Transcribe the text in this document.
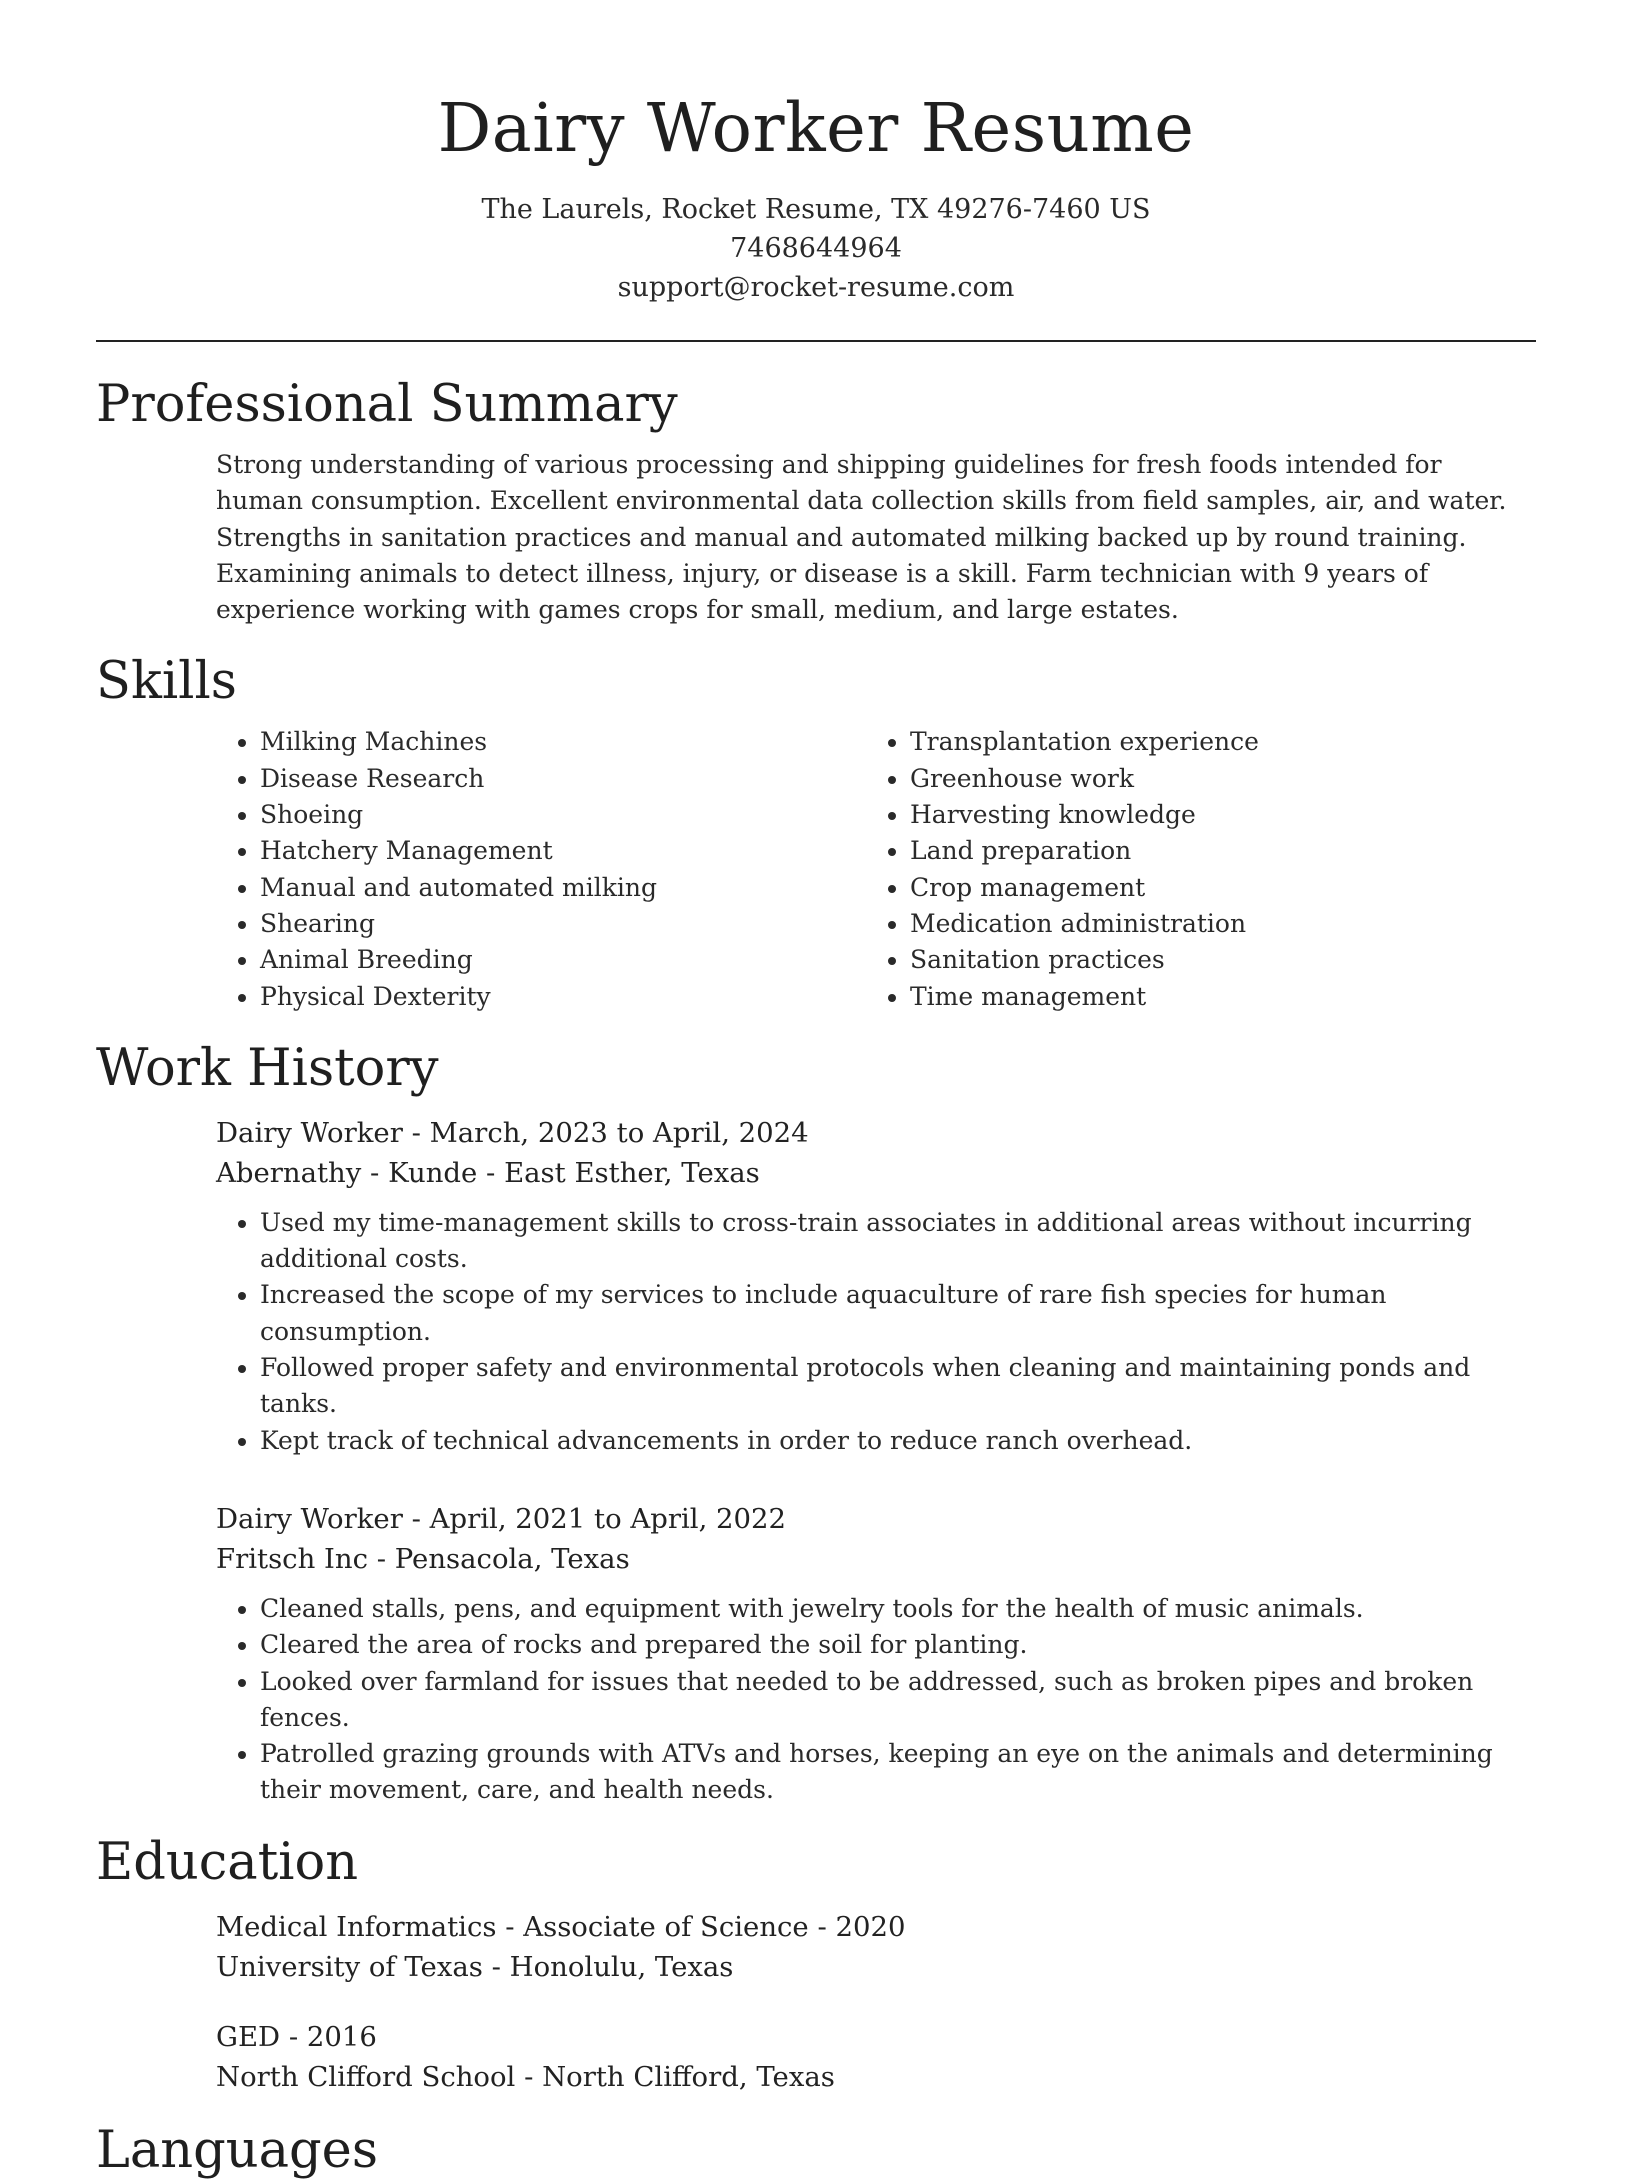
Dairy Worker Resume
The Laurels, Rocket Resume, TX 49276-7460 US
7468644964
support@rocket-resume.com
Professional Summary

Strong understanding of various processing and shipping guidelines for fresh foods intended for human consumption. Excellent environmental data collection skills from field samples, air, and water. Strengths in sanitation practices and manual and automated milking backed up by round training. Examining animals to detect illness, injury, or disease is a skill. Farm technician with 9 years of experience working with games crops for small, medium, and large estates.

Skills
• Milking Machines
• Disease Research
• Shoeing
• Hatchery Management
• Manual and automated milking
• Shearing
• Animal Breeding
• Physical Dexterity
• Transplantation experience
• Greenhouse work
• Harvesting knowledge
• Land preparation
• Crop management
• Medication administration
• Sanitation practices
• Time management
Work History
Dairy Worker - March, 2023 to April, 2024
Abernathy - Kunde - East Esther, Texas
• Used my time-management skills to cross-train associates in additional areas without incurring additional costs.
• Increased the scope of my services to include aquaculture of rare fish species for human consumption.
• Followed proper safety and environmental protocols when cleaning and maintaining ponds and tanks.
• Kept track of technical advancements in order to reduce ranch overhead.
Dairy Worker - April, 2021 to April, 2022
Fritsch Inc - Pensacola, Texas
• Cleaned stalls, pens, and equipment with jewelry tools for the health of music animals.
• Cleared the area of rocks and prepared the soil for planting.
• Looked over farmland for issues that needed to be addressed, such as broken pipes and broken fences.
• Patrolled grazing grounds with ATVs and horses, keeping an eye on the animals and determining their movement, care, and health needs.
Education
Medical Informatics - Associate of Science - 2020
University of Texas - Honolulu, Texas
GED - 2016
North Clifford School - North Clifford, Texas
Languages
